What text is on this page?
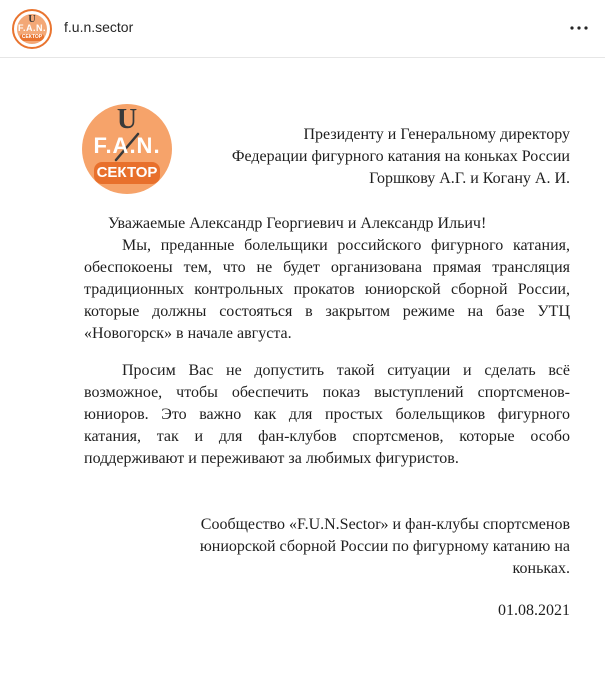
U
F.A.N.
СЕКТОР
f.u.n.sector
U
F.A.N.
СЕКТОР
Президенту и Генеральному директору
Федерации фигурного катания на коньках России
Горшкову А.Г. и Когану А. И.
Уважаемые Александр Георгиевич и Александр Ильич!
Мы, преданные болельщики российского фигурного катания, обеспокоены тем, что не будет организована прямая трансляция традиционных контрольных прокатов юниорской сборной России, которые должны состояться в закрытом режиме на базе УТЦ «Новогорск» в начале августа.
Просим Вас не допустить такой ситуации и сделать всё возможное, чтобы обеспечить показ выступлений спортсменов-юниоров. Это важно как для простых болельщиков фигурного катания, так и для фан-клубов спортсменов, которые особо поддерживают и переживают за любимых фигуристов.
Сообщество «F.U.N.Sector» и фан-клубы спортсменов
юниорской сборной России по фигурному катанию на
коньках.
01.08.2021
